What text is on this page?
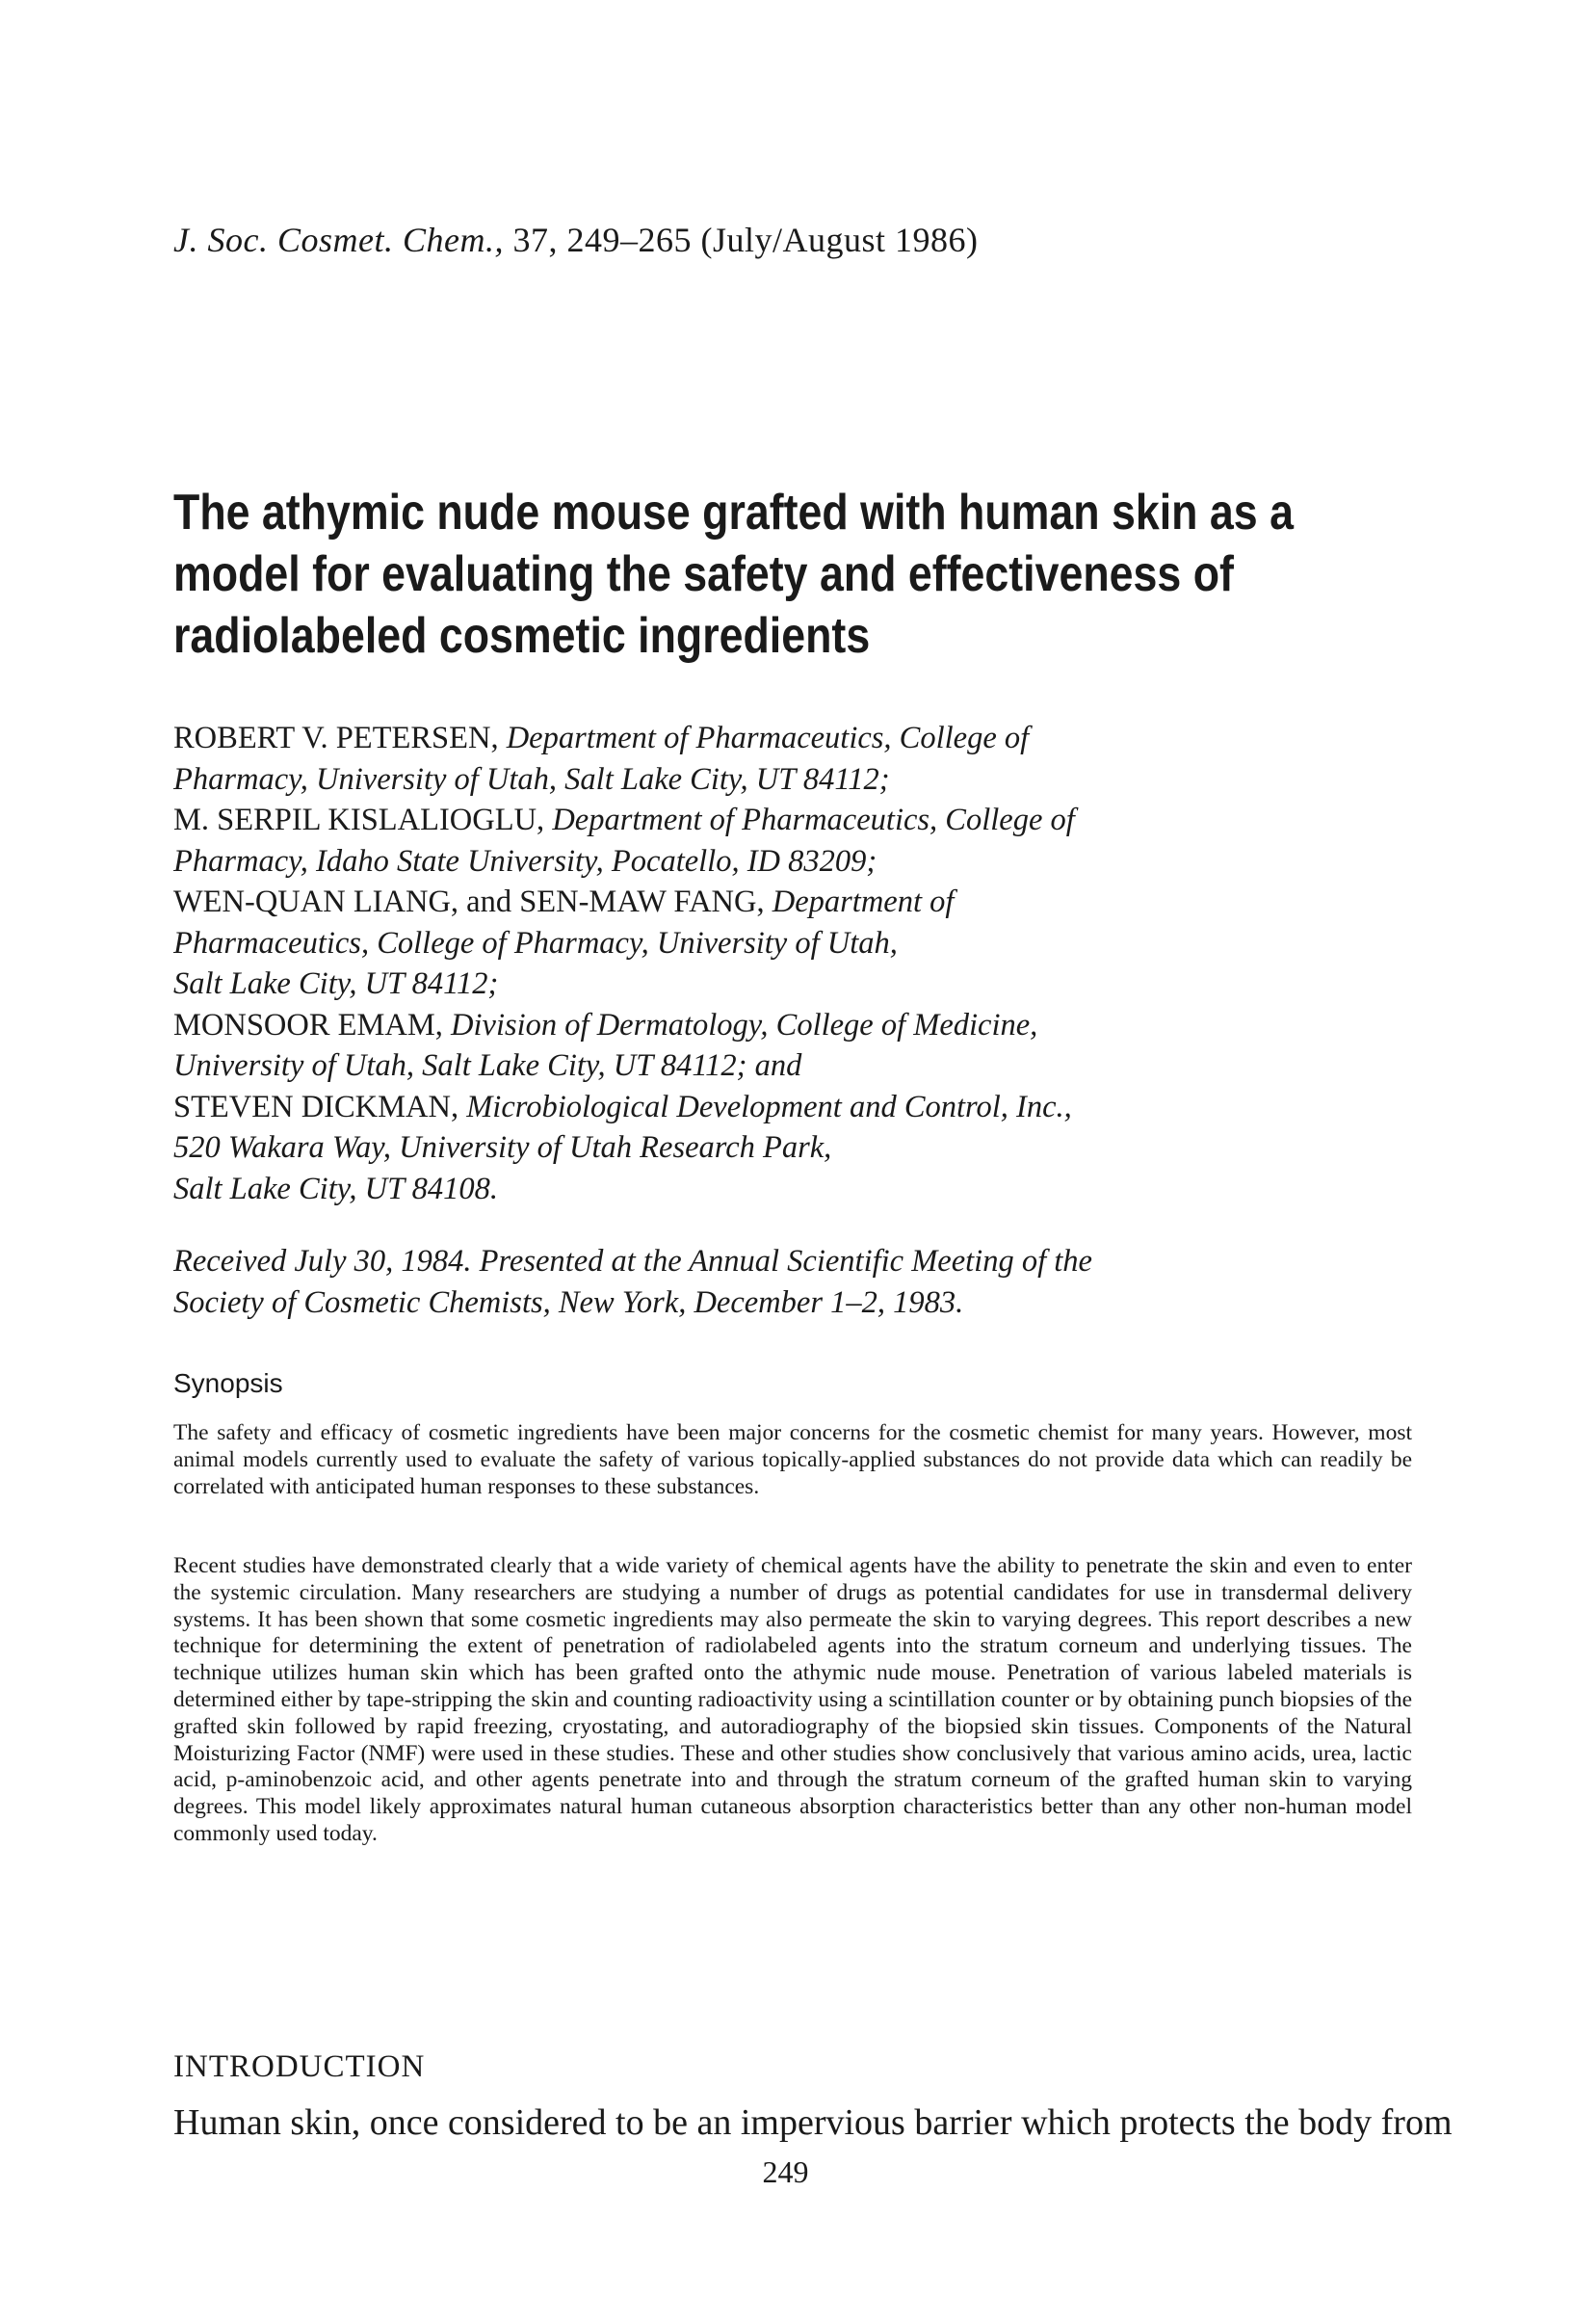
J. Soc. Cosmet. Chem., 37, 249–265 (July/August 1986)
The athymic nude mouse grafted with human skin as a model for evaluating the safety and effectiveness of radiolabeled cosmetic ingredients
ROBERT V. PETERSEN, Department of Pharmaceutics, College of
Pharmacy, University of Utah, Salt Lake City, UT 84112;
M. SERPIL KISLALIOGLU, Department of Pharmaceutics, College of
Pharmacy, Idaho State University, Pocatello, ID 83209;
WEN-QUAN LIANG, and SEN-MAW FANG, Department of
Pharmaceutics, College of Pharmacy, University of Utah,
Salt Lake City, UT 84112;
MONSOOR EMAM, Division of Dermatology, College of Medicine,
University of Utah, Salt Lake City, UT 84112; and
STEVEN DICKMAN, Microbiological Development and Control, Inc.,
520 Wakara Way, University of Utah Research Park,
Salt Lake City, UT 84108.
Received July 30, 1984. Presented at the Annual Scientific Meeting of the
Society of Cosmetic Chemists, New York, December 1–2, 1983.
Synopsis

The safety and efficacy of cosmetic ingredients have been major concerns for the cosmetic chemist for many years. However, most animal models currently used to evaluate the safety of various topically-applied substances do not provide data which can readily be correlated with anticipated human responses to these substances.

Recent studies have demonstrated clearly that a wide variety of chemical agents have the ability to penetrate the skin and even to enter the systemic circulation. Many researchers are studying a number of drugs as potential candidates for use in transdermal delivery systems. It has been shown that some cosmetic ingredients may also permeate the skin to varying degrees. This report describes a new technique for determining the extent of penetration of radiolabeled agents into the stratum corneum and underlying tissues. The technique utilizes human skin which has been grafted onto the athymic nude mouse. Penetration of various labeled materials is determined either by tape-stripping the skin and counting radioactivity using a scintillation counter or by obtaining punch biopsies of the grafted skin followed by rapid freezing, cryostating, and autoradiography of the biopsied skin tissues. Components of the Natural Moisturizing Factor (NMF) were used in these studies. These and other studies show conclusively that various amino acids, urea, lactic acid, p-aminobenzoic acid, and other agents penetrate into and through the stratum corneum of the grafted human skin to varying degrees. This model likely approximates natural human cutaneous absorption characteristics better than any other non-human model commonly used today.

INTRODUCTION

Human skin, once considered to be an impervious barrier which protects the body from

249
